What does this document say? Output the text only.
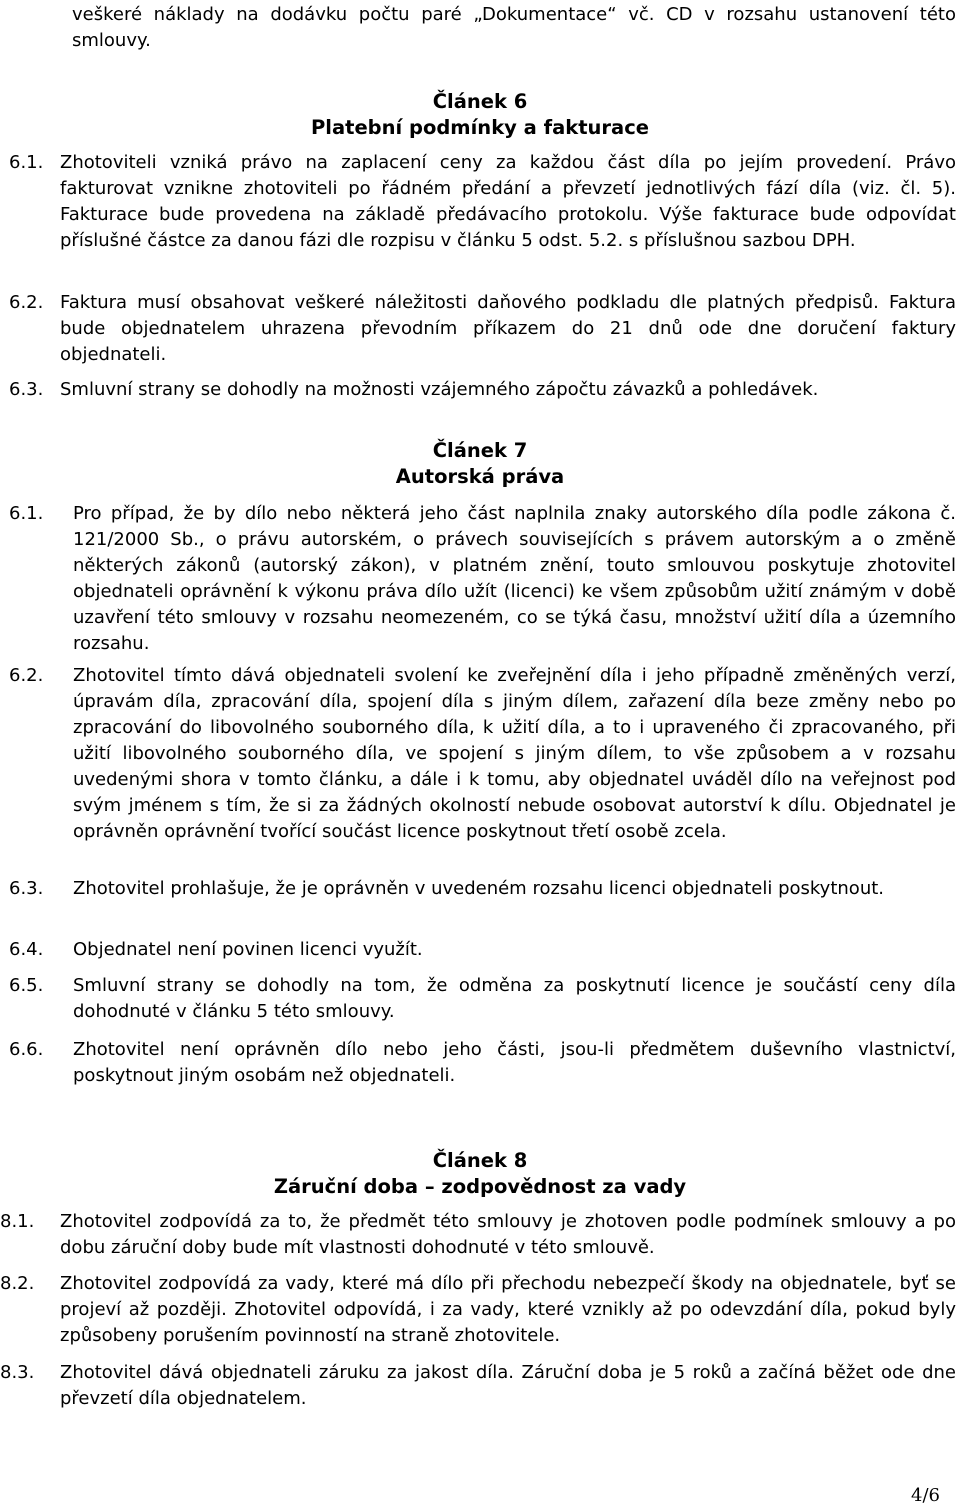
veškeré náklady na dodávku počtu paré „Dokumentace“ vč. CD v rozsahu ustanovení této smlouvy.

Článek 6
Platební podmínky a fakturace
6.1. Zhotoviteli vzniká právo na zaplacení ceny za každou část díla po jejím provedení. Právo fakturovat vznikne zhotoviteli po řádném předání a převzetí jednotlivých fází díla (viz. čl. 5). Fakturace bude provedena na základě předávacího protokolu. Výše fakturace bude odpovídat příslušné částce za danou fázi dle rozpisu v článku 5 odst. 5.2. s příslušnou sazbou DPH.

6.2. Faktura musí obsahovat veškeré náležitosti daňového podkladu dle platných předpisů. Faktura bude objednatelem uhrazena převodním příkazem do 21 dnů ode dne doručení faktury objednateli.

6.3. Smluvní strany se dohodly na možnosti vzájemného zápočtu závazků a pohledávek.

Článek 7
Autorská práva
6.1. Pro případ, že by dílo nebo některá jeho část naplnila znaky autorského díla podle zákona č. 121/2000 Sb., o právu autorském, o právech souvisejících s právem autorským a o změně některých zákonů (autorský zákon), v platném znění, touto smlouvou poskytuje zhotovitel objednateli oprávnění k výkonu práva dílo užít (licenci) ke všem způsobům užití známým v době uzavření této smlouvy v rozsahu neomezeném, co se týká času, množství užití díla a územního rozsahu.

6.2. Zhotovitel tímto dává objednateli svolení ke zveřejnění díla i jeho případně změněných verzí, úpravám díla, zpracování díla, spojení díla s jiným dílem, zařazení díla beze změny nebo po zpracování do libovolného souborného díla, k užití díla, a to i upraveného či zpracovaného, při užití libovolného souborného díla, ve spojení s jiným dílem, to vše způsobem a v rozsahu uvedenými shora v tomto článku, a dále i k tomu, aby objednatel uváděl dílo na veřejnost pod svým jménem s tím, že si za žádných okolností nebude osobovat autorství k dílu. Objednatel je oprávněn oprávnění tvořící součást licence poskytnout třetí osobě zcela.

6.3. Zhotovitel prohlašuje, že je oprávněn v uvedeném rozsahu licenci objednateli poskytnout.

6.4. Objednatel není povinen licenci využít.

6.5. Smluvní strany se dohodly na tom, že odměna za poskytnutí licence je součástí ceny díla dohodnuté v článku 5 této smlouvy.

6.6. Zhotovitel není oprávněn dílo nebo jeho části, jsou-li předmětem duševního vlastnictví, poskytnout jiným osobám než objednateli.

Článek 8
Záruční doba – zodpovědnost za vady
8.1. Zhotovitel zodpovídá za to, že předmět této smlouvy je zhotoven podle podmínek smlouvy a po dobu záruční doby bude mít vlastnosti dohodnuté v této smlouvě.

8.2. Zhotovitel zodpovídá za vady, které má dílo při přechodu nebezpečí škody na objednatele, byť se projeví až později. Zhotovitel odpovídá, i za vady, které vznikly až po odevzdání díla, pokud byly způsobeny porušením povinností na straně zhotovitele.

8.3. Zhotovitel dává objednateli záruku za jakost díla. Záruční doba je 5 roků a začíná běžet ode dne převzetí díla objednatelem.

4/6
